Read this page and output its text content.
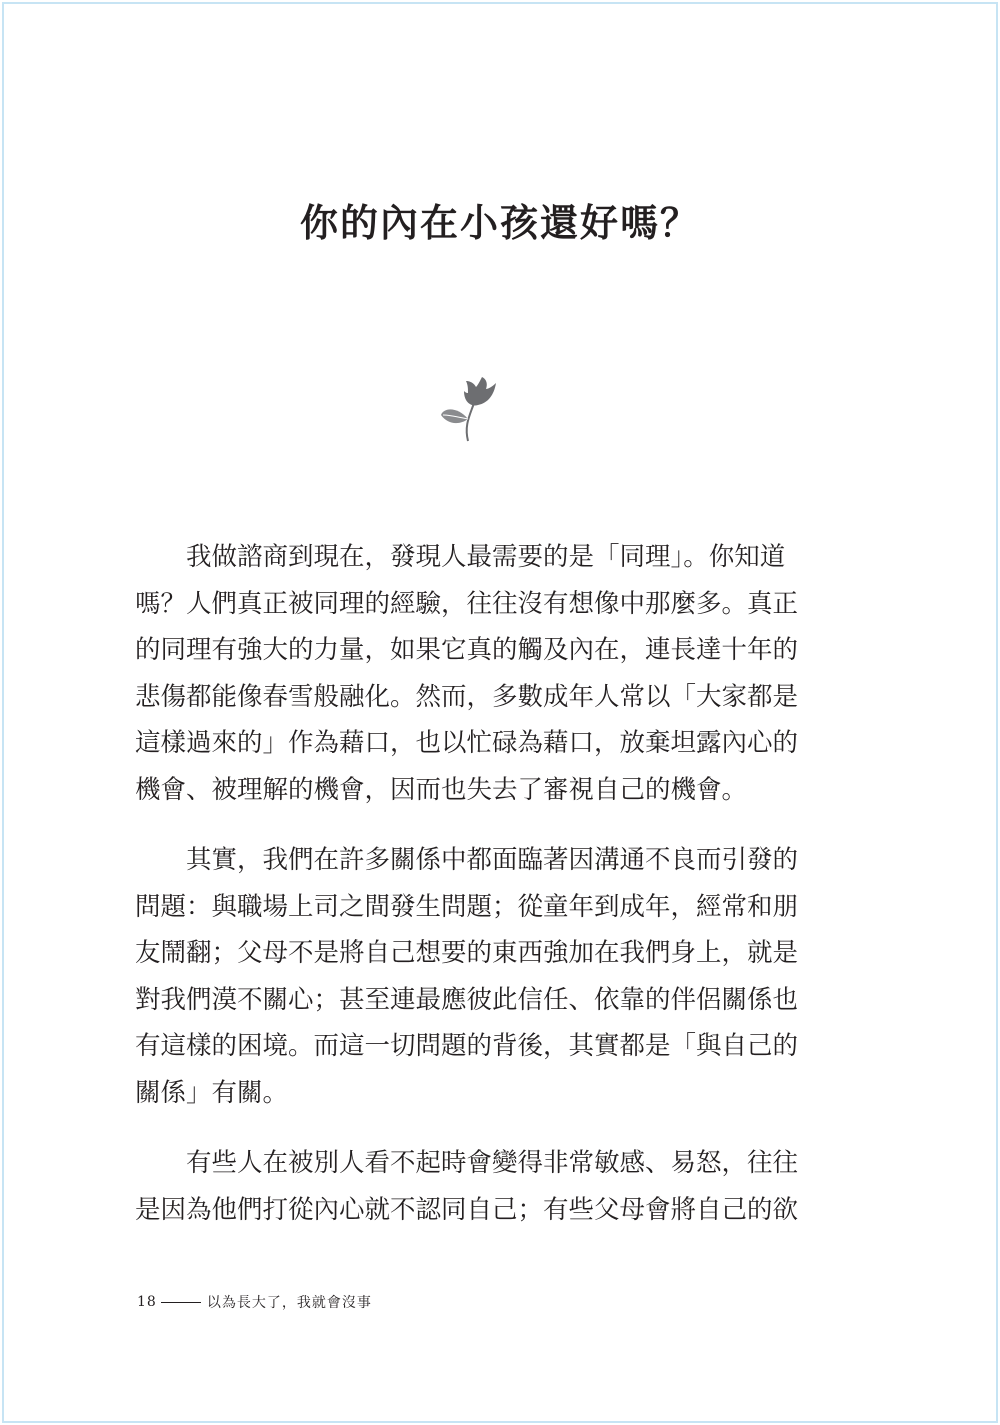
你的內在小孩還好嗎？

我做諮商到現在，發現人最需要的是「同理」。你知道嗎？人們真正被同理的經驗，往往沒有想像中那麼多。真正的同理有強大的力量，如果它真的觸及內在，連長達十年的悲傷都能像春雪般融化。然而，多數成年人常以「大家都是這樣過來的」作為藉口，也以忙碌為藉口，放棄坦露內心的機會、被理解的機會，因而也失去了審視自己的機會。

其實，我們在許多關係中都面臨著因溝通不良而引發的問題：與職場上司之間發生問題；從童年到成年，經常和朋友鬧翻；父母不是將自己想要的東西強加在我們身上，就是對我們漠不關心；甚至連最應彼此信任、依靠的伴侶關係也有這樣的困境。而這一切問題的背後，其實都是「與自己的關係」有關。

有些人在被別人看不起時會變得非常敏感、易怒，往往是因為他們打從內心就不認同自己；有些父母會將自己的欲

18	以為長大了，我就會沒事
